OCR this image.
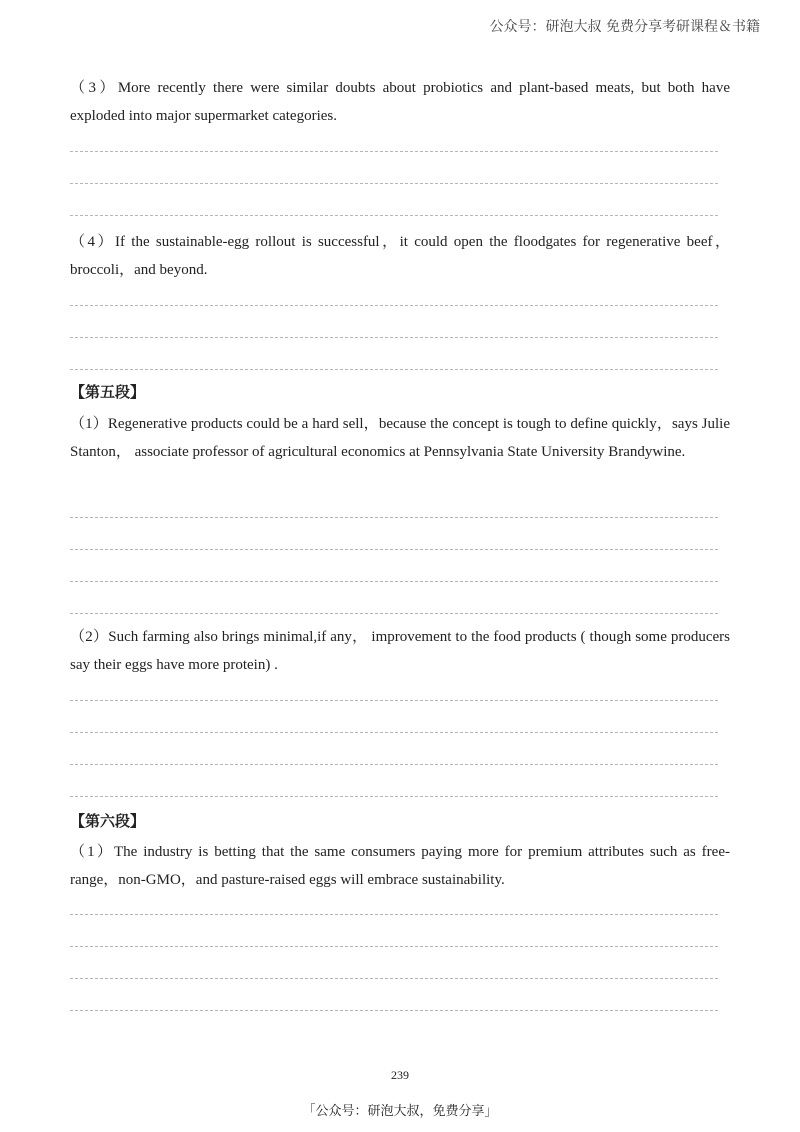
公众号：研泡大叔 免费分享考研课程＆书籍

（3）More recently there were similar doubts about probiotics and plant-based meats, but both have exploded into major supermarket categories.

（4）If the sustainable-egg rollout is successful，it could open the floodgates for regenerative beef，broccoli，and beyond.

【第五段】

（1）Regenerative products could be a hard sell，because the concept is tough to define quickly，says Julie Stanton， associate professor of agricultural economics at Pennsylvania State University Brandywine.

（2）Such farming also brings minimal,if any， improvement to the food products ( though some producers say their eggs have more protein) .

【第六段】

（1）The industry is betting that the same consumers paying more for premium attributes such as free-range，non-GMO，and pasture-raised eggs will embrace sustainability.

239
「公众号：研泡大叔，免费分享」
